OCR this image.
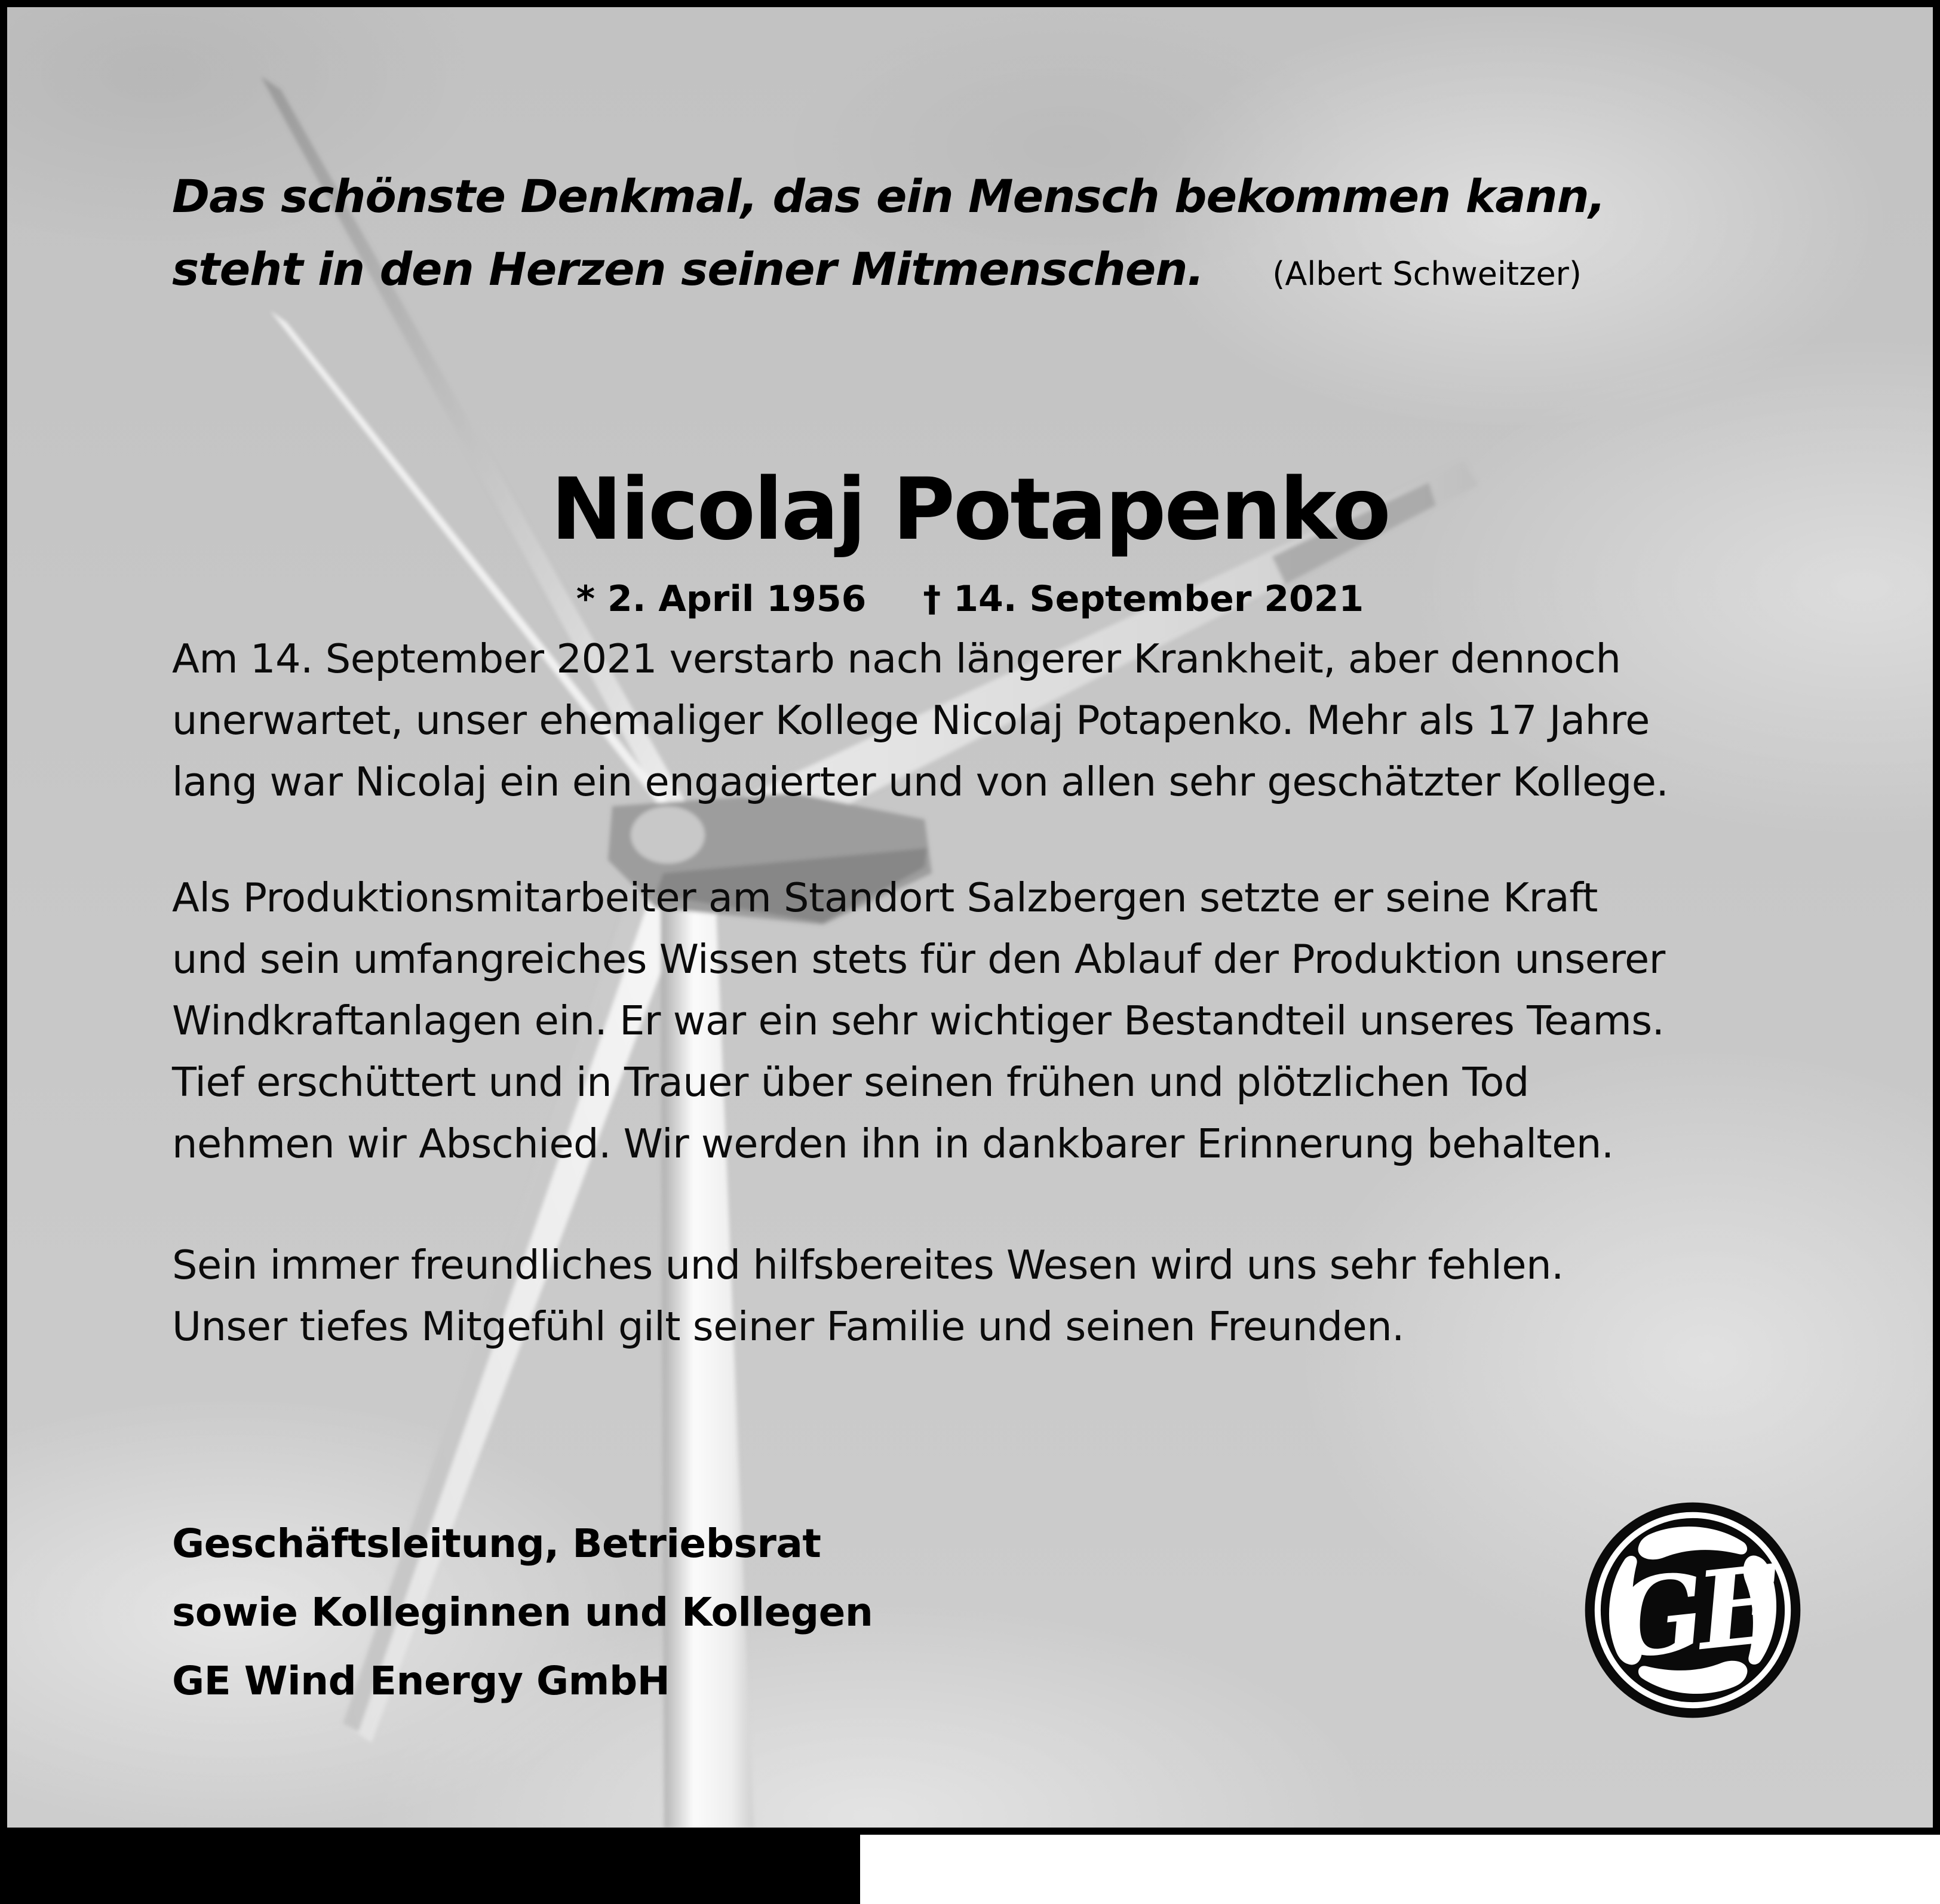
Das schönste Denkmal, das ein Mensch bekommen kann,
steht in den Herzen seiner Mitmenschen. (Albert Schweitzer)
Nicolaj Potapenko
* 2. April 1956 † 14. September 2021
Am 14. September 2021 verstarb nach längerer Krankheit, aber dennoch
unerwartet, unser ehemaliger Kollege Nicolaj Potapenko. Mehr als 17 Jahre
lang war Nicolaj ein ein engagierter und von allen sehr geschätzter Kollege.
Als Produktionsmitarbeiter am Standort Salzbergen setzte er seine Kraft
und sein umfangreiches Wissen stets für den Ablauf der Produktion unserer
Windkraftanlagen ein. Er war ein sehr wichtiger Bestandteil unseres Teams.
Tief erschüttert und in Trauer über seinen frühen und plötzlichen Tod
nehmen wir Abschied. Wir werden ihn in dankbarer Erinnerung behalten.
Sein immer freundliches und hilfsbereites Wesen wird uns sehr fehlen.
Unser tiefes Mitgefühl gilt seiner Familie und seinen Freunden.
Geschäftsleitung, Betriebsrat
sowie Kolleginnen und Kollegen
GE Wind Energy GmbH	GE
